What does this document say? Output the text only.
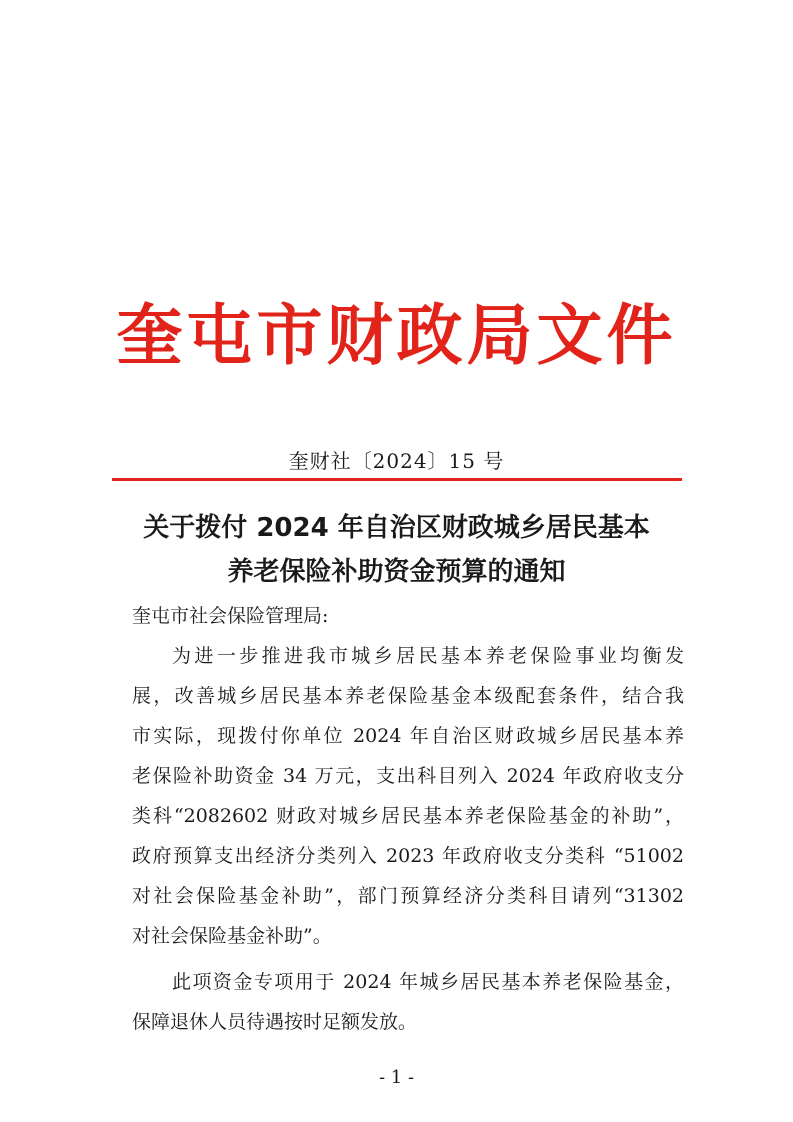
奎屯市财政局文件

奎财社〔2024〕15 号

关于拨付 2024 年自治区财政城乡居民基本
养老保险补助资金预算的通知

奎屯市社会保险管理局:

为进一步推进我市城乡居民基本养老保险事业均衡发
展，改善城乡居民基本养老保险基金本级配套条件，结合我
市实际，现拨付你单位 2024 年自治区财政城乡居民基本养
老保险补助资金 34 万元，支出科目列入 2024 年政府收支分
类科“2082602 财政对城乡居民基本养老保险基金的补助”，
政府预算支出经济分类列入 2023 年政府收支分类科 “51002
对社会保险基金补助”，部门预算经济分类科目请列“31302
对社会保险基金补助”。

此项资金专项用于 2024 年城乡居民基本养老保险基金，
保障退休人员待遇按时足额发放。

- 1 -
